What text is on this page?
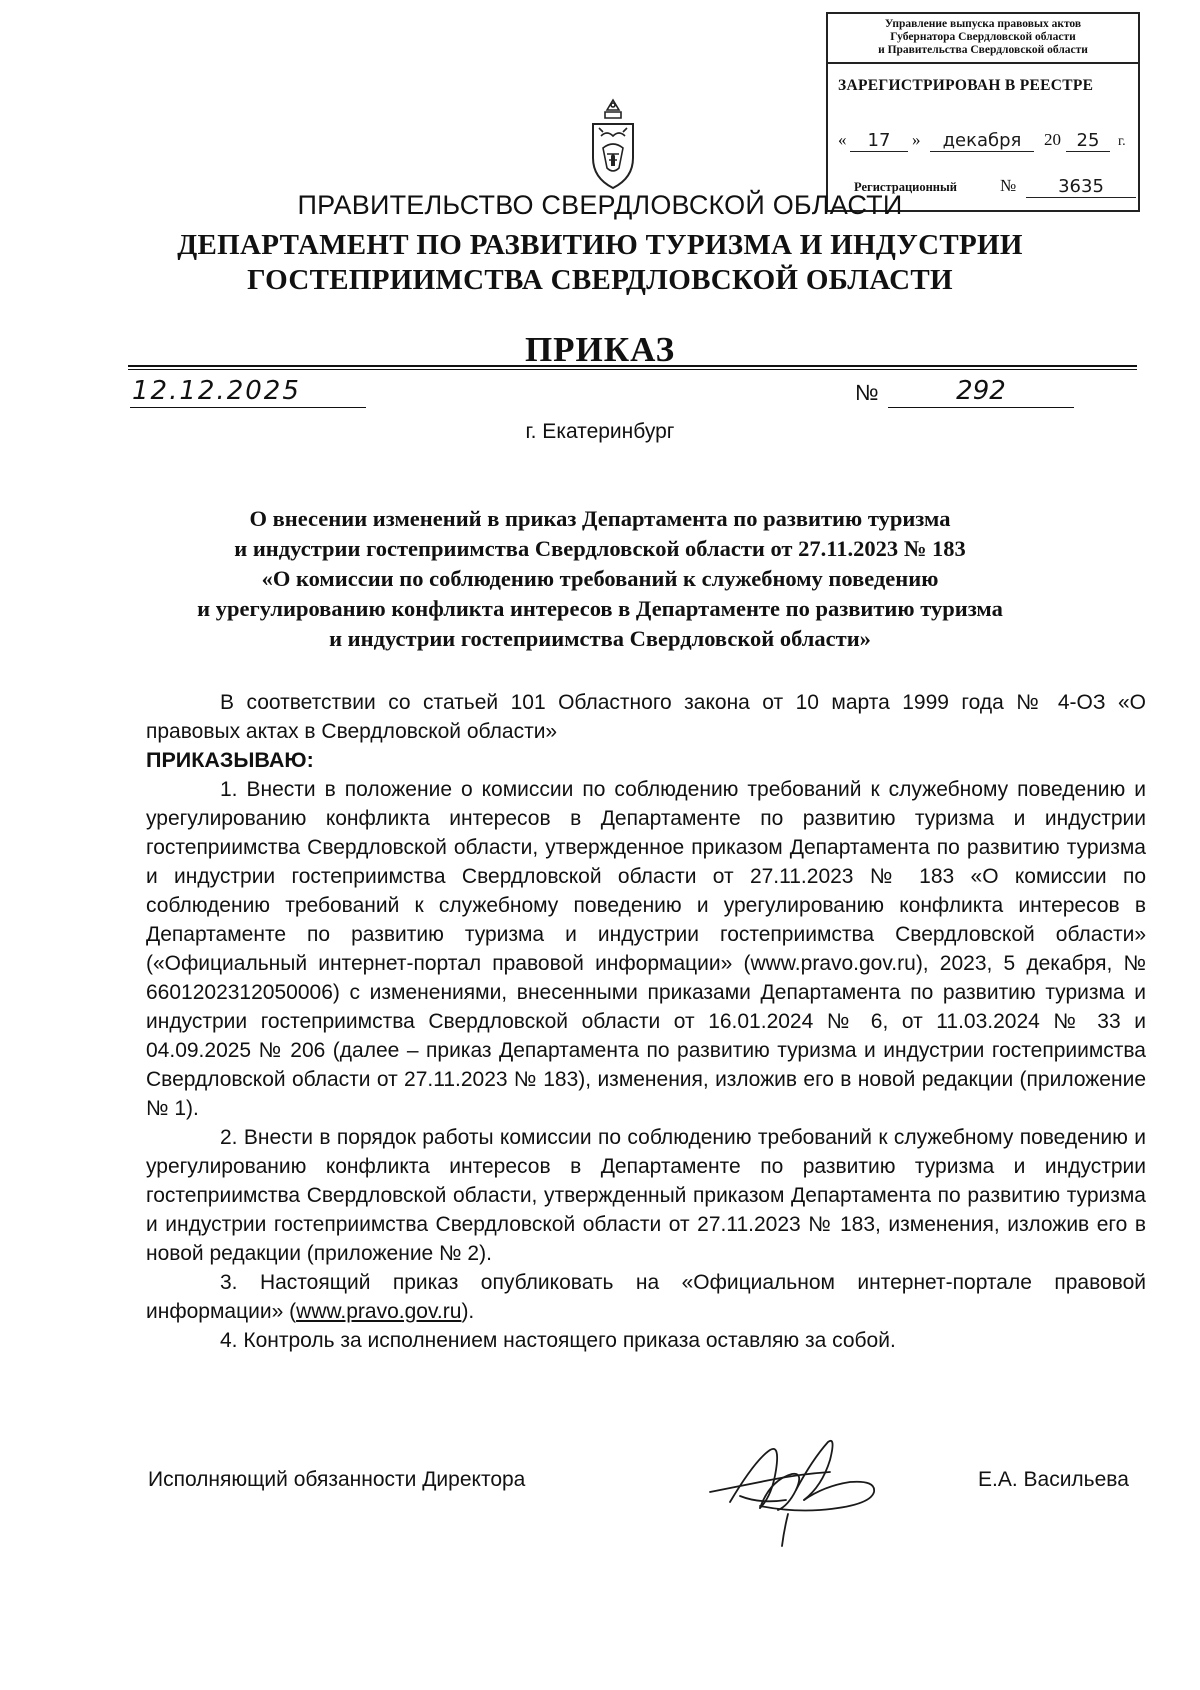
Управление выпуска правовых актов
Губернатора Свердловской области
и Правительства Свердловской области
ЗАРЕГИСТРИРОВАН В РЕЕСТРЕ
«	17	»	декабря	20 25	г.
Регистрационный	№	3635
ПРАВИТЕЛЬСТВО СВЕРДЛОВСКОЙ ОБЛАСТИ
ДЕПАРТАМЕНТ ПО РАЗВИТИЮ ТУРИЗМА И ИНДУСТРИИ
ГОСТЕПРИИМСТВА СВЕРДЛОВСКОЙ ОБЛАСТИ
ПРИКАЗ
12.12.2025	№	292
г. Екатеринбург
О внесении изменений в приказ Департамента по развитию туризма
и индустрии гостеприимства Свердловской области от 27.11.2023 № 183
«О комиссии по соблюдению требований к служебному поведению
и урегулированию конфликта интересов в Департаменте по развитию туризма
и индустрии гостеприимства Свердловской области»

В соответствии со статьей 101 Областного закона от 10 марта 1999 года № 4-ОЗ «О правовых актах в Свердловской области»

ПРИКАЗЫВАЮ:

1. Внести в положение о комиссии по соблюдению требований к служебному поведению и урегулированию конфликта интересов в Департаменте по развитию туризма и индустрии гостеприимства Свердловской области, утвержденное приказом Департамента по развитию туризма и индустрии гостеприимства Свердловской области от 27.11.2023 № 183 «О комиссии по соблюдению требований к служебному поведению и урегулированию конфликта интересов в Департаменте по развитию туризма и индустрии гостеприимства Свердловской области» («Официальный интернет-портал правовой информации» (www.pravo.gov.ru), 2023, 5 декабря, № 6601202312050006) с изменениями, внесенными приказами Департамента по развитию туризма и индустрии гостеприимства Свердловской области от 16.01.2024 № 6, от 11.03.2024 № 33 и 04.09.2025 № 206 (далее – приказ Департамента по развитию туризма и индустрии гостеприимства Свердловской области от 27.11.2023 № 183), изменения, изложив его в новой редакции (приложение № 1).

2. Внести в порядок работы комиссии по соблюдению требований к служебному поведению и урегулированию конфликта интересов в Департаменте по развитию туризма и индустрии гостеприимства Свердловской области, утвержденный приказом Департамента по развитию туризма и индустрии гостеприимства Свердловской области от 27.11.2023 № 183, изменения, изложив его в новой редакции (приложение № 2).

3. Настоящий приказ опубликовать на «Официальном интернет-портале правовой информации» (www.pravo.gov.ru).

4. Контроль за исполнением настоящего приказа оставляю за собой.

Исполняющий обязанности Директора	Е.А. Васильева
